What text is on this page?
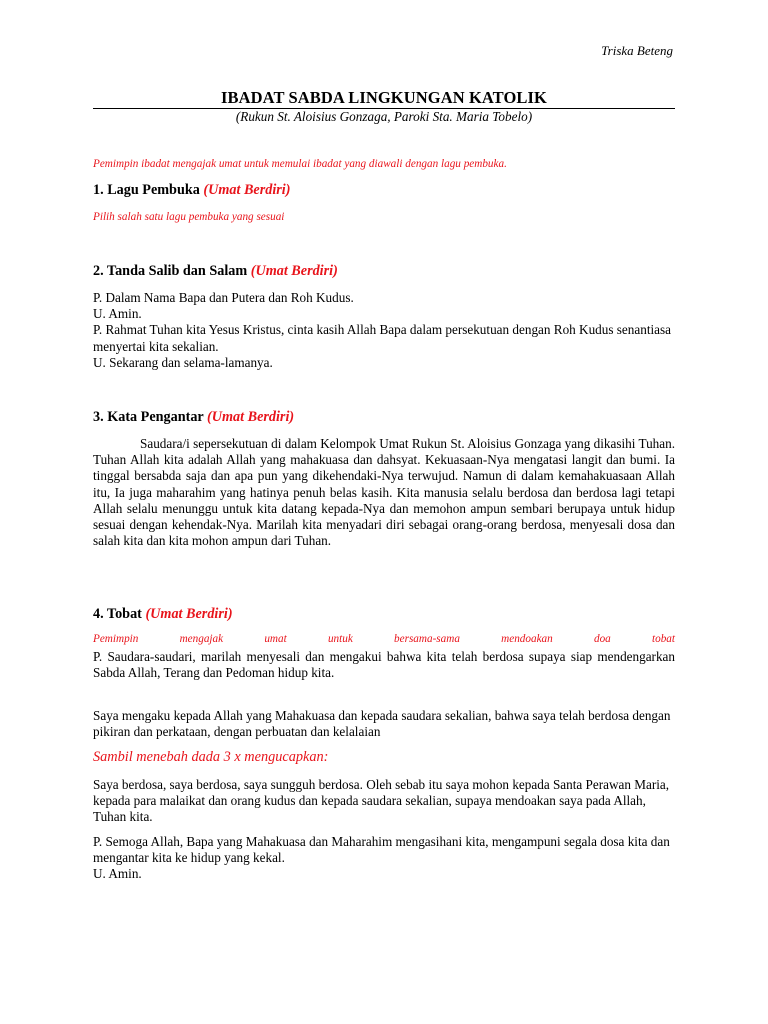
Triska Beteng
IBADAT SABDA LINGKUNGAN KATOLIK
(Rukun St. Aloisius Gonzaga, Paroki Sta. Maria Tobelo)
Pemimpin ibadat mengajak umat untuk memulai ibadat yang diawali dengan lagu pembuka.
1. Lagu Pembuka (Umat Berdiri)
Pilih salah satu lagu pembuka yang sesuai
2. Tanda Salib dan Salam (Umat Berdiri)
P. Dalam Nama Bapa dan Putera dan Roh Kudus.
U. Amin.
P. Rahmat Tuhan kita Yesus Kristus, cinta kasih Allah Bapa dalam persekutuan dengan Roh Kudus senantiasa menyertai kita sekalian.
U. Sekarang dan selama-lamanya.
3. Kata Pengantar (Umat Berdiri)
Saudara/i sepersekutuan di dalam Kelompok Umat Rukun St. Aloisius Gonzaga yang dikasihi Tuhan. Tuhan Allah kita adalah Allah yang mahakuasa dan dahsyat. Kekuasaan-Nya mengatasi langit dan bumi. Ia tinggal bersabda saja dan apa pun yang dikehendaki-Nya terwujud. Namun di dalam kemahakuasaan Allah itu, Ia juga maharahim yang hatinya penuh belas kasih. Kita manusia selalu berdosa dan berdosa lagi tetapi Allah selalu menunggu untuk kita datang kepada-Nya dan memohon ampun sembari berupaya untuk hidup sesuai dengan kehendak-Nya. Marilah kita menyadari diri sebagai orang-orang berdosa, menyesali dosa dan salah kita dan kita mohon ampun dari Tuhan.
4. Tobat (Umat Berdiri)
Pemimpin mengajak umat untuk bersama-sama mendoakan doa tobat
P. Saudara-saudari, marilah menyesali dan mengakui bahwa kita telah berdosa supaya siap mendengarkan Sabda Allah, Terang dan Pedoman hidup kita.
Saya mengaku kepada Allah yang Mahakuasa dan kepada saudara sekalian, bahwa saya telah berdosa dengan pikiran dan perkataan, dengan perbuatan dan kelalaian
Sambil menebah dada 3 x mengucapkan:
Saya berdosa, saya berdosa, saya sungguh berdosa. Oleh sebab itu saya mohon kepada Santa Perawan Maria, kepada para malaikat dan orang kudus dan kepada saudara sekalian, supaya mendoakan saya pada Allah, Tuhan kita.
P. Semoga Allah, Bapa yang Mahakuasa dan Maharahim mengasihani kita, mengampuni segala dosa kita dan mengantar kita ke hidup yang kekal.
U. Amin.
